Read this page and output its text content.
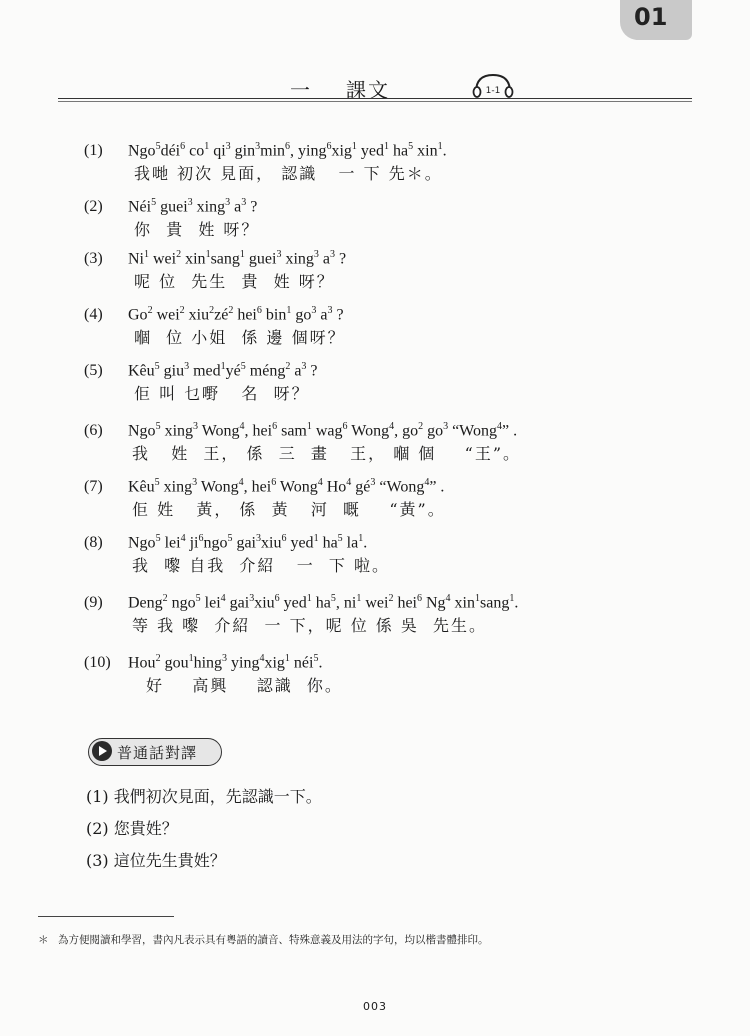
01
一 課文	1-1
(1) Ngo$^5$déi$^6$ $co^1$ $qi^3$ $gin^3\min^6$, ying$^6$xig$^1$ yed$^1$ $ha^5$ xin$^1$.
我哋 初次 見面， 認識   一 下 先＊。
(2) Néi$^5$ guei$^3$ xing$^3$ $a^3$ ?
你  貴  姓 呀？
(3) Ni$^1$ wei$^2$ xin$^1$sang$^1$ guei$^3$ xing$^3$ $a^3$ ?
呢 位  先生  貴  姓 呀？
(4) Go$^2$ wei$^2$ $xiu^2zé^2$ hei$^6$ bin$^1$ $go^3$ $a^3$ ?
嗰  位 小姐  係 邊 個呀？
(5) Kêu$^5$ giu$^3$ $med^1yé^5$ méng$^2$ $a^3$ ?
佢 叫 乜嘢   名  呀？
(6) Ngo$^5$ xing$^3$ Wong$^4$, hei$^6$ sam$^1$ wag$^6$ Wong$^4$, $go^2$ $go^3$ “Wong$^4$” .
我   姓  王， 係  三  畫   王， 嗰 個    “王”。
(7) Kêu$^5$ xing$^3$ Wong$^4$, hei$^6$ Wong$^4$ Ho$^4$ $gé^3$ “Wong$^4$” .
佢 姓   黃， 係  黃   河  嘅    “黃”。
(8) Ngo$^5$ lei$^4$ $ji^6ngo^5$ gai$^3$xiu$^6$ yed$^1$ $ha^5$ $la^1$.
我  嚟 自我  介紹   一  下 啦。
(9) Deng$^2$ ngo$^5$ lei$^4$ gai$^3$xiu$^6$ yed$^1$ $ha^5$, $ni^1$ wei$^2$ hei$^6$ Ng$^4$ xin$^1$sang$^1$.
等 我 嚟  介紹  一 下，呢 位 係 吳  先生。
(10) Hou$^2$ gou$^1$hing$^3$ ying$^4$xig$^1$ néi$^5$.
好    高興    認識  你。
普通話對譯
(1) 我們初次見面，先認識一下。
(2) 您貴姓？
(3) 這位先生貴姓？
＊ 為方便閱讀和學習，書內凡表示具有粵語的讀音、特殊意義及用法的字句，均以楷書體排印。
003
